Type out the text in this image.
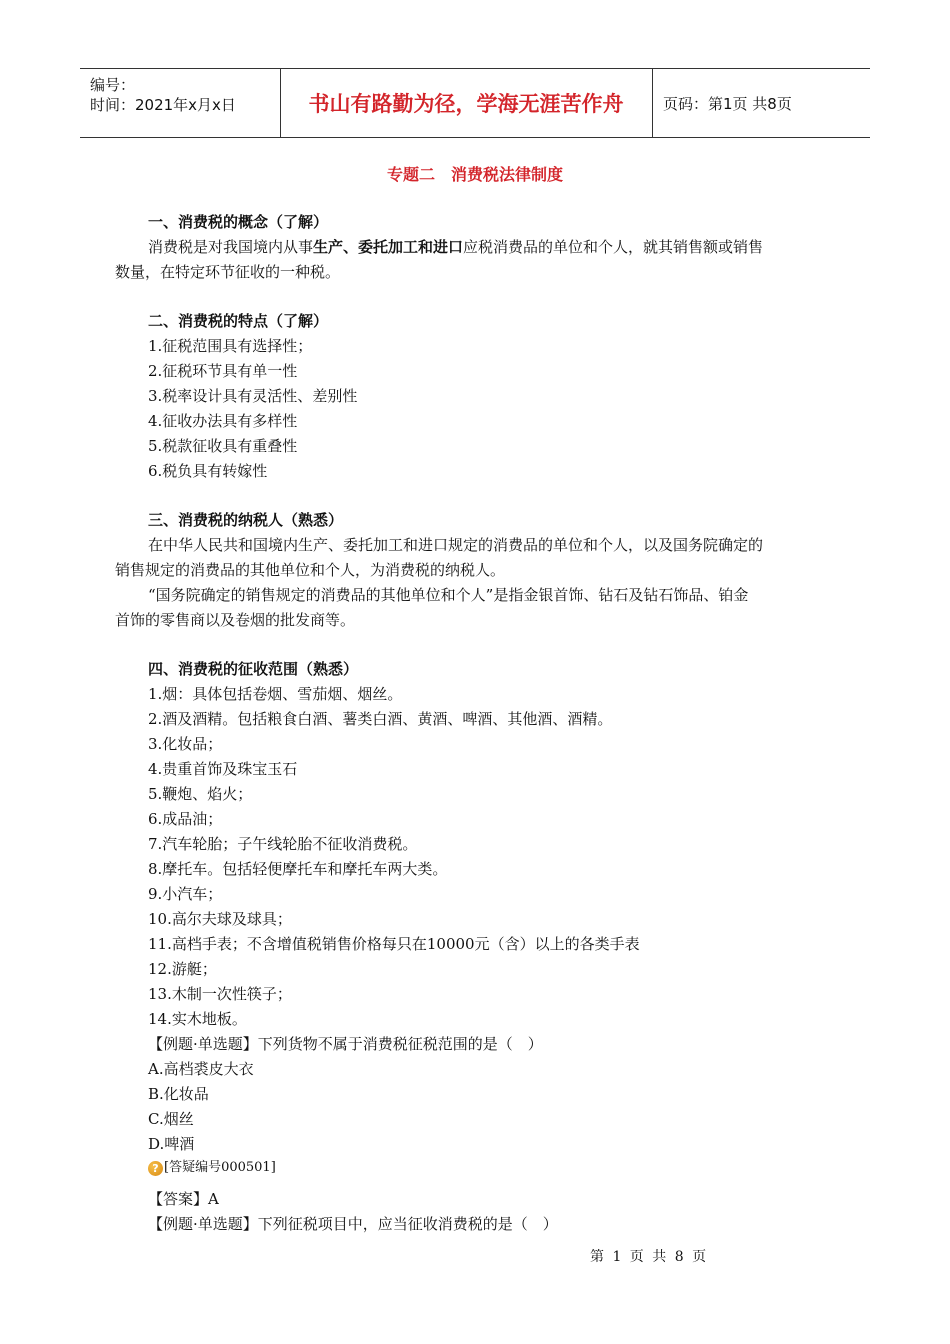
编号：
时间：2021年x月x日	书山有路勤为径，学海无涯苦作舟	页码：第1页 共8页
专题二　消费税法律制度
一、消费税的概念（了解）
消费税是对我国境内从事生产、委托加工和进口应税消费品的单位和个人，就其销售额或销售
数量，在特定环节征收的一种税。
二、消费税的特点（了解）
1.征税范围具有选择性；
2.征税环节具有单一性
3.税率设计具有灵活性、差别性
4.征收办法具有多样性
5.税款征收具有重叠性
6.税负具有转嫁性
三、消费税的纳税人（熟悉）
在中华人民共和国境内生产、委托加工和进口规定的消费品的单位和个人，以及国务院确定的
销售规定的消费品的其他单位和个人，为消费税的纳税人。
“国务院确定的销售规定的消费品的其他单位和个人”是指金银首饰、钻石及钻石饰品、铂金
首饰的零售商以及卷烟的批发商等。
四、消费税的征收范围（熟悉）
1.烟：具体包括卷烟、雪茄烟、烟丝。
2.酒及酒精。包括粮食白酒、薯类白酒、黄酒、啤酒、其他酒、酒精。
3.化妆品；
4.贵重首饰及珠宝玉石
5.鞭炮、焰火；
6.成品油；
7.汽车轮胎；子午线轮胎不征收消费税。
8.摩托车。包括轻便摩托车和摩托车两大类。
9.小汽车；
10.高尔夫球及球具；
11.高档手表；不含增值税销售价格每只在10000元（含）以上的各类手表
12.游艇；
13.木制一次性筷子；
14.实木地板。
【例题·单选题】下列货物不属于消费税征税范围的是（　）
A.高档裘皮大衣
B.化妆品
C.烟丝
D.啤酒
? [答疑编号000501]
【答案】A
【例题·单选题】下列征税项目中，应当征收消费税的是（　）
第 1 页 共 8 页
